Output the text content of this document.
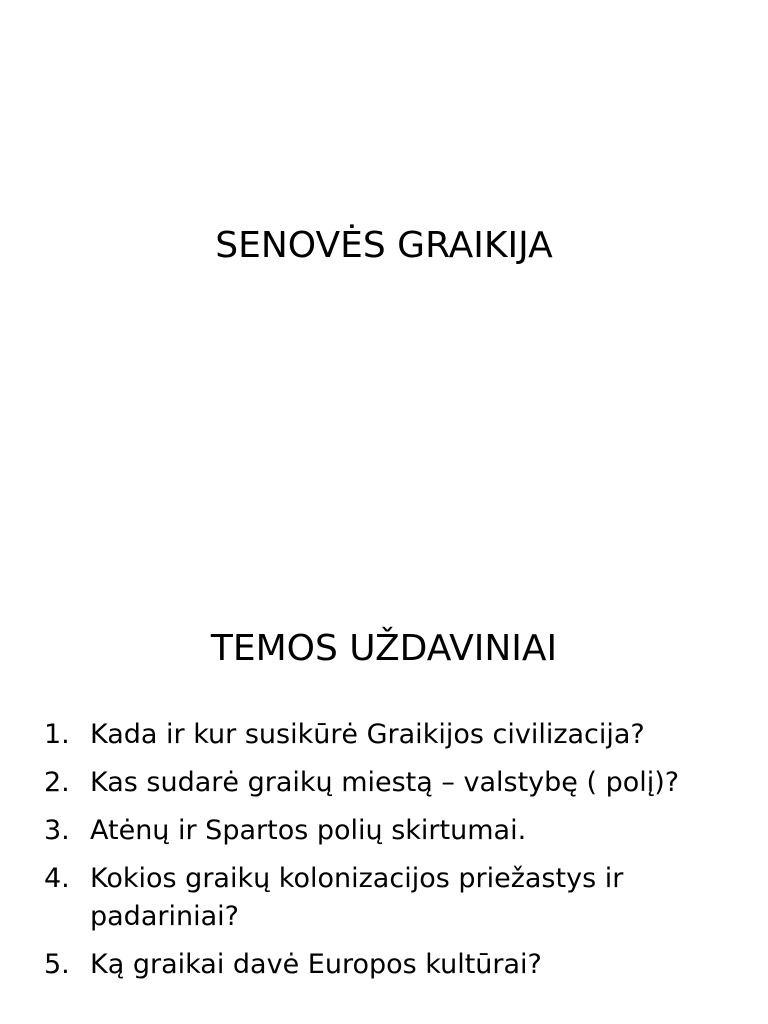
SENOVĖS GRAIKIJA
TEMOS UŽDAVINIAI
1. Kada ir kur susikūrė Graikijos civilizacija?
2. Kas sudarė graikų miestą – valstybę ( polį)?
3. Atėnų ir Spartos polių skirtumai.
4. Kokios graikų kolonizacijos priežastys ir padariniai?
5. Ką graikai davė Europos kultūrai?
